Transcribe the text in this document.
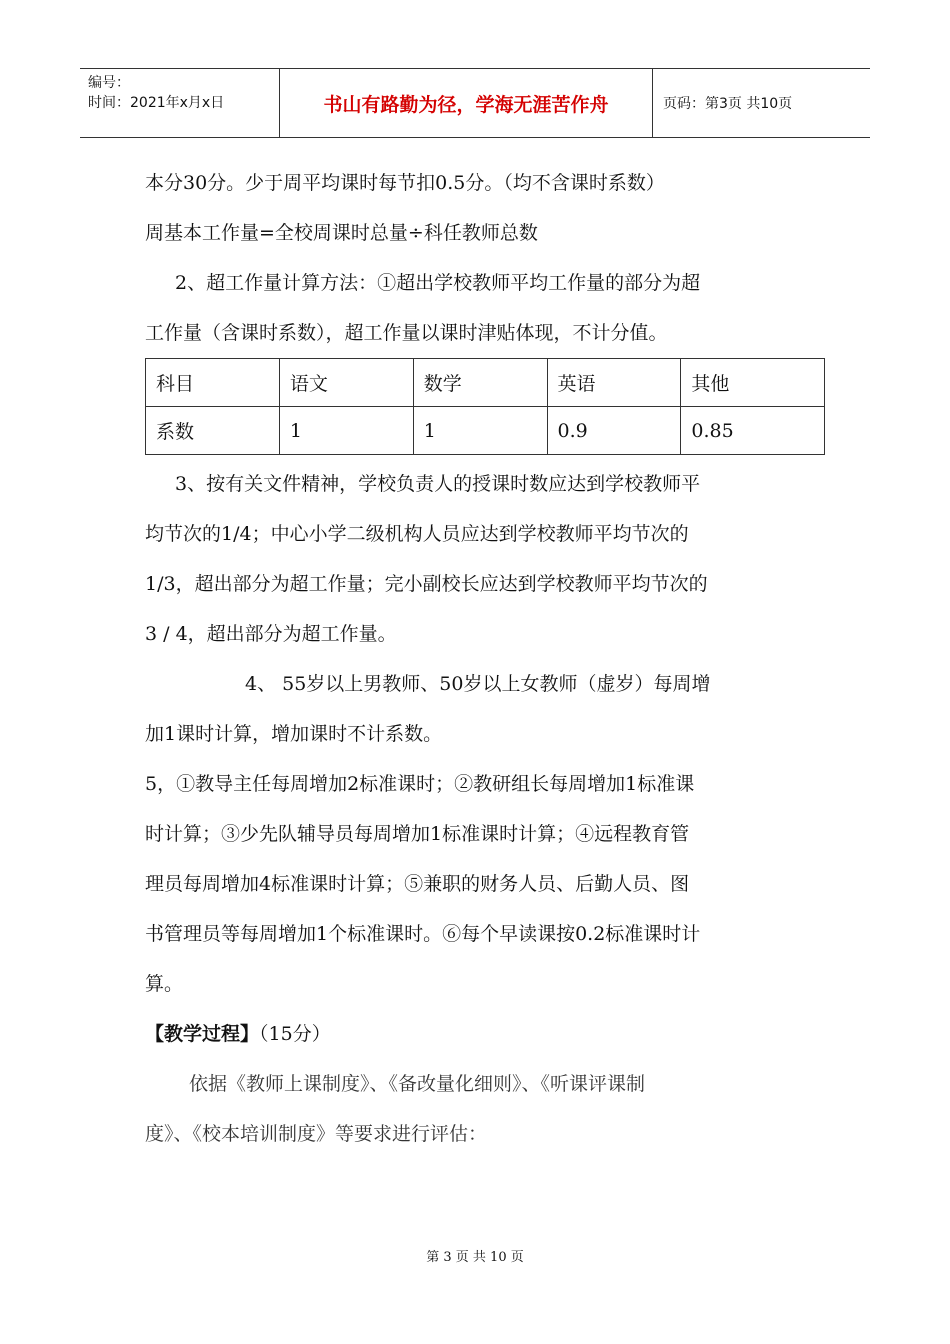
编号：
时间：2021年x月x日	书山有路勤为径，学海无涯苦作舟	页码：第3页 共10页
本分30分。少于周平均课时每节扣0.5分。（均不含课时系数）
周基本工作量=全校周课时总量÷科任教师总数
2、超工作量计算方法：①超出学校教师平均工作量的部分为超
工作量（含课时系数），超工作量以课时津贴体现，不计分值。
科目	语文	数学	英语	其他
系数	1	1	0.9	0.85
3、按有关文件精神，学校负责人的授课时数应达到学校教师平
均节次的1/4；中心小学二级机构人员应达到学校教师平均节次的
1/3，超出部分为超工作量；完小副校长应达到学校教师平均节次的
3 / 4，超出部分为超工作量。
4、 55岁以上男教师、50岁以上女教师（虚岁）每周增
加1课时计算，增加课时不计系数。
5，①教导主任每周增加2标准课时；②教研组长每周增加1标准课
时计算；③少先队辅导员每周增加1标准课时计算；④远程教育管
理员每周增加4标准课时计算；⑤兼职的财务人员、后勤人员、图
书管理员等每周增加1个标准课时。⑥每个早读课按0.2标准课时计
算。
【教学过程】（15分）
依据《教师上课制度》、《备改量化细则》、《听课评课制
度》、《校本培训制度》等要求进行评估：
第 3 页 共 10 页
